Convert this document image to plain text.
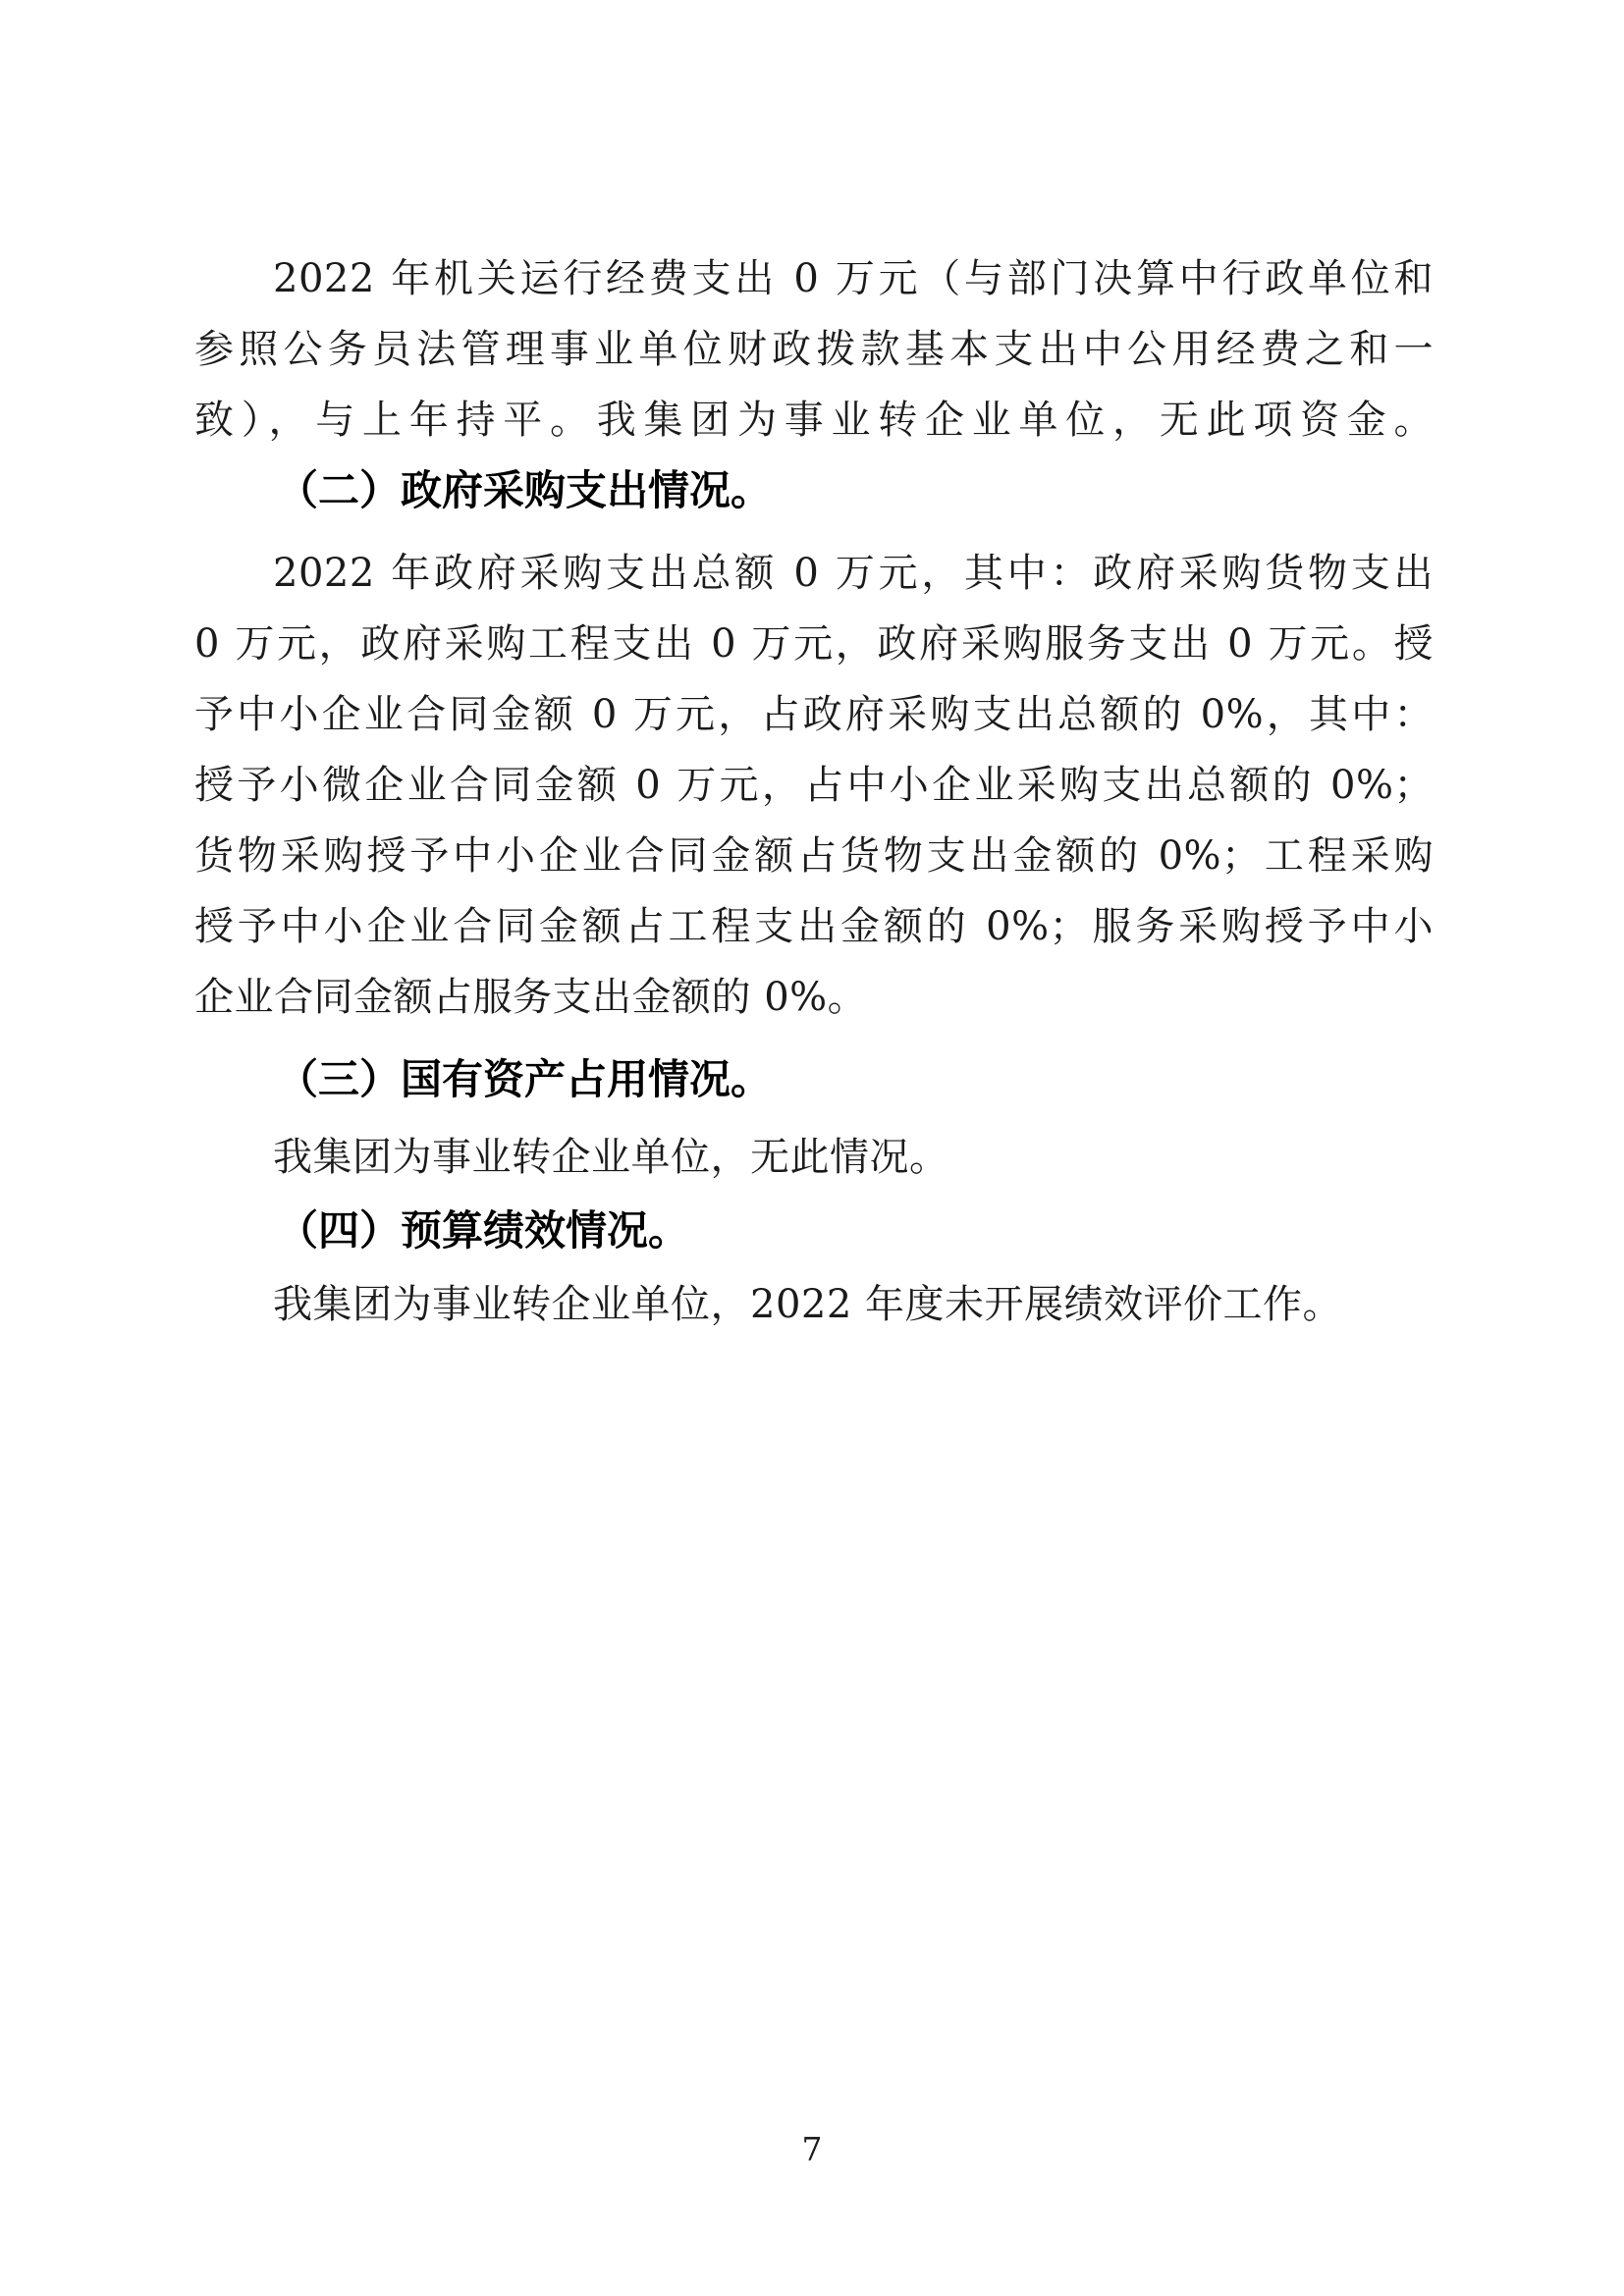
2022 年机关运行经费支出 0 万元（与部门决算中行政单位和
参照公务员法管理事业单位财政拨款基本支出中公用经费之和一
致），与上年持平。我集团为事业转企业单位，无此项资金。
（二）政府采购支出情况。
2022 年政府采购支出总额 0 万元，其中：政府采购货物支出
0 万元，政府采购工程支出 0 万元，政府采购服务支出 0 万元。授
予中小企业合同金额 0 万元，占政府采购支出总额的 0%，其中：
授予小微企业合同金额 0 万元，占中小企业采购支出总额的 0%；
货物采购授予中小企业合同金额占货物支出金额的 0%；工程采购
授予中小企业合同金额占工程支出金额的 0%；服务采购授予中小
企业合同金额占服务支出金额的 0%。
（三）国有资产占用情况。
我集团为事业转企业单位，无此情况。
（四）预算绩效情况。
我集团为事业转企业单位，2022 年度未开展绩效评价工作。
7
